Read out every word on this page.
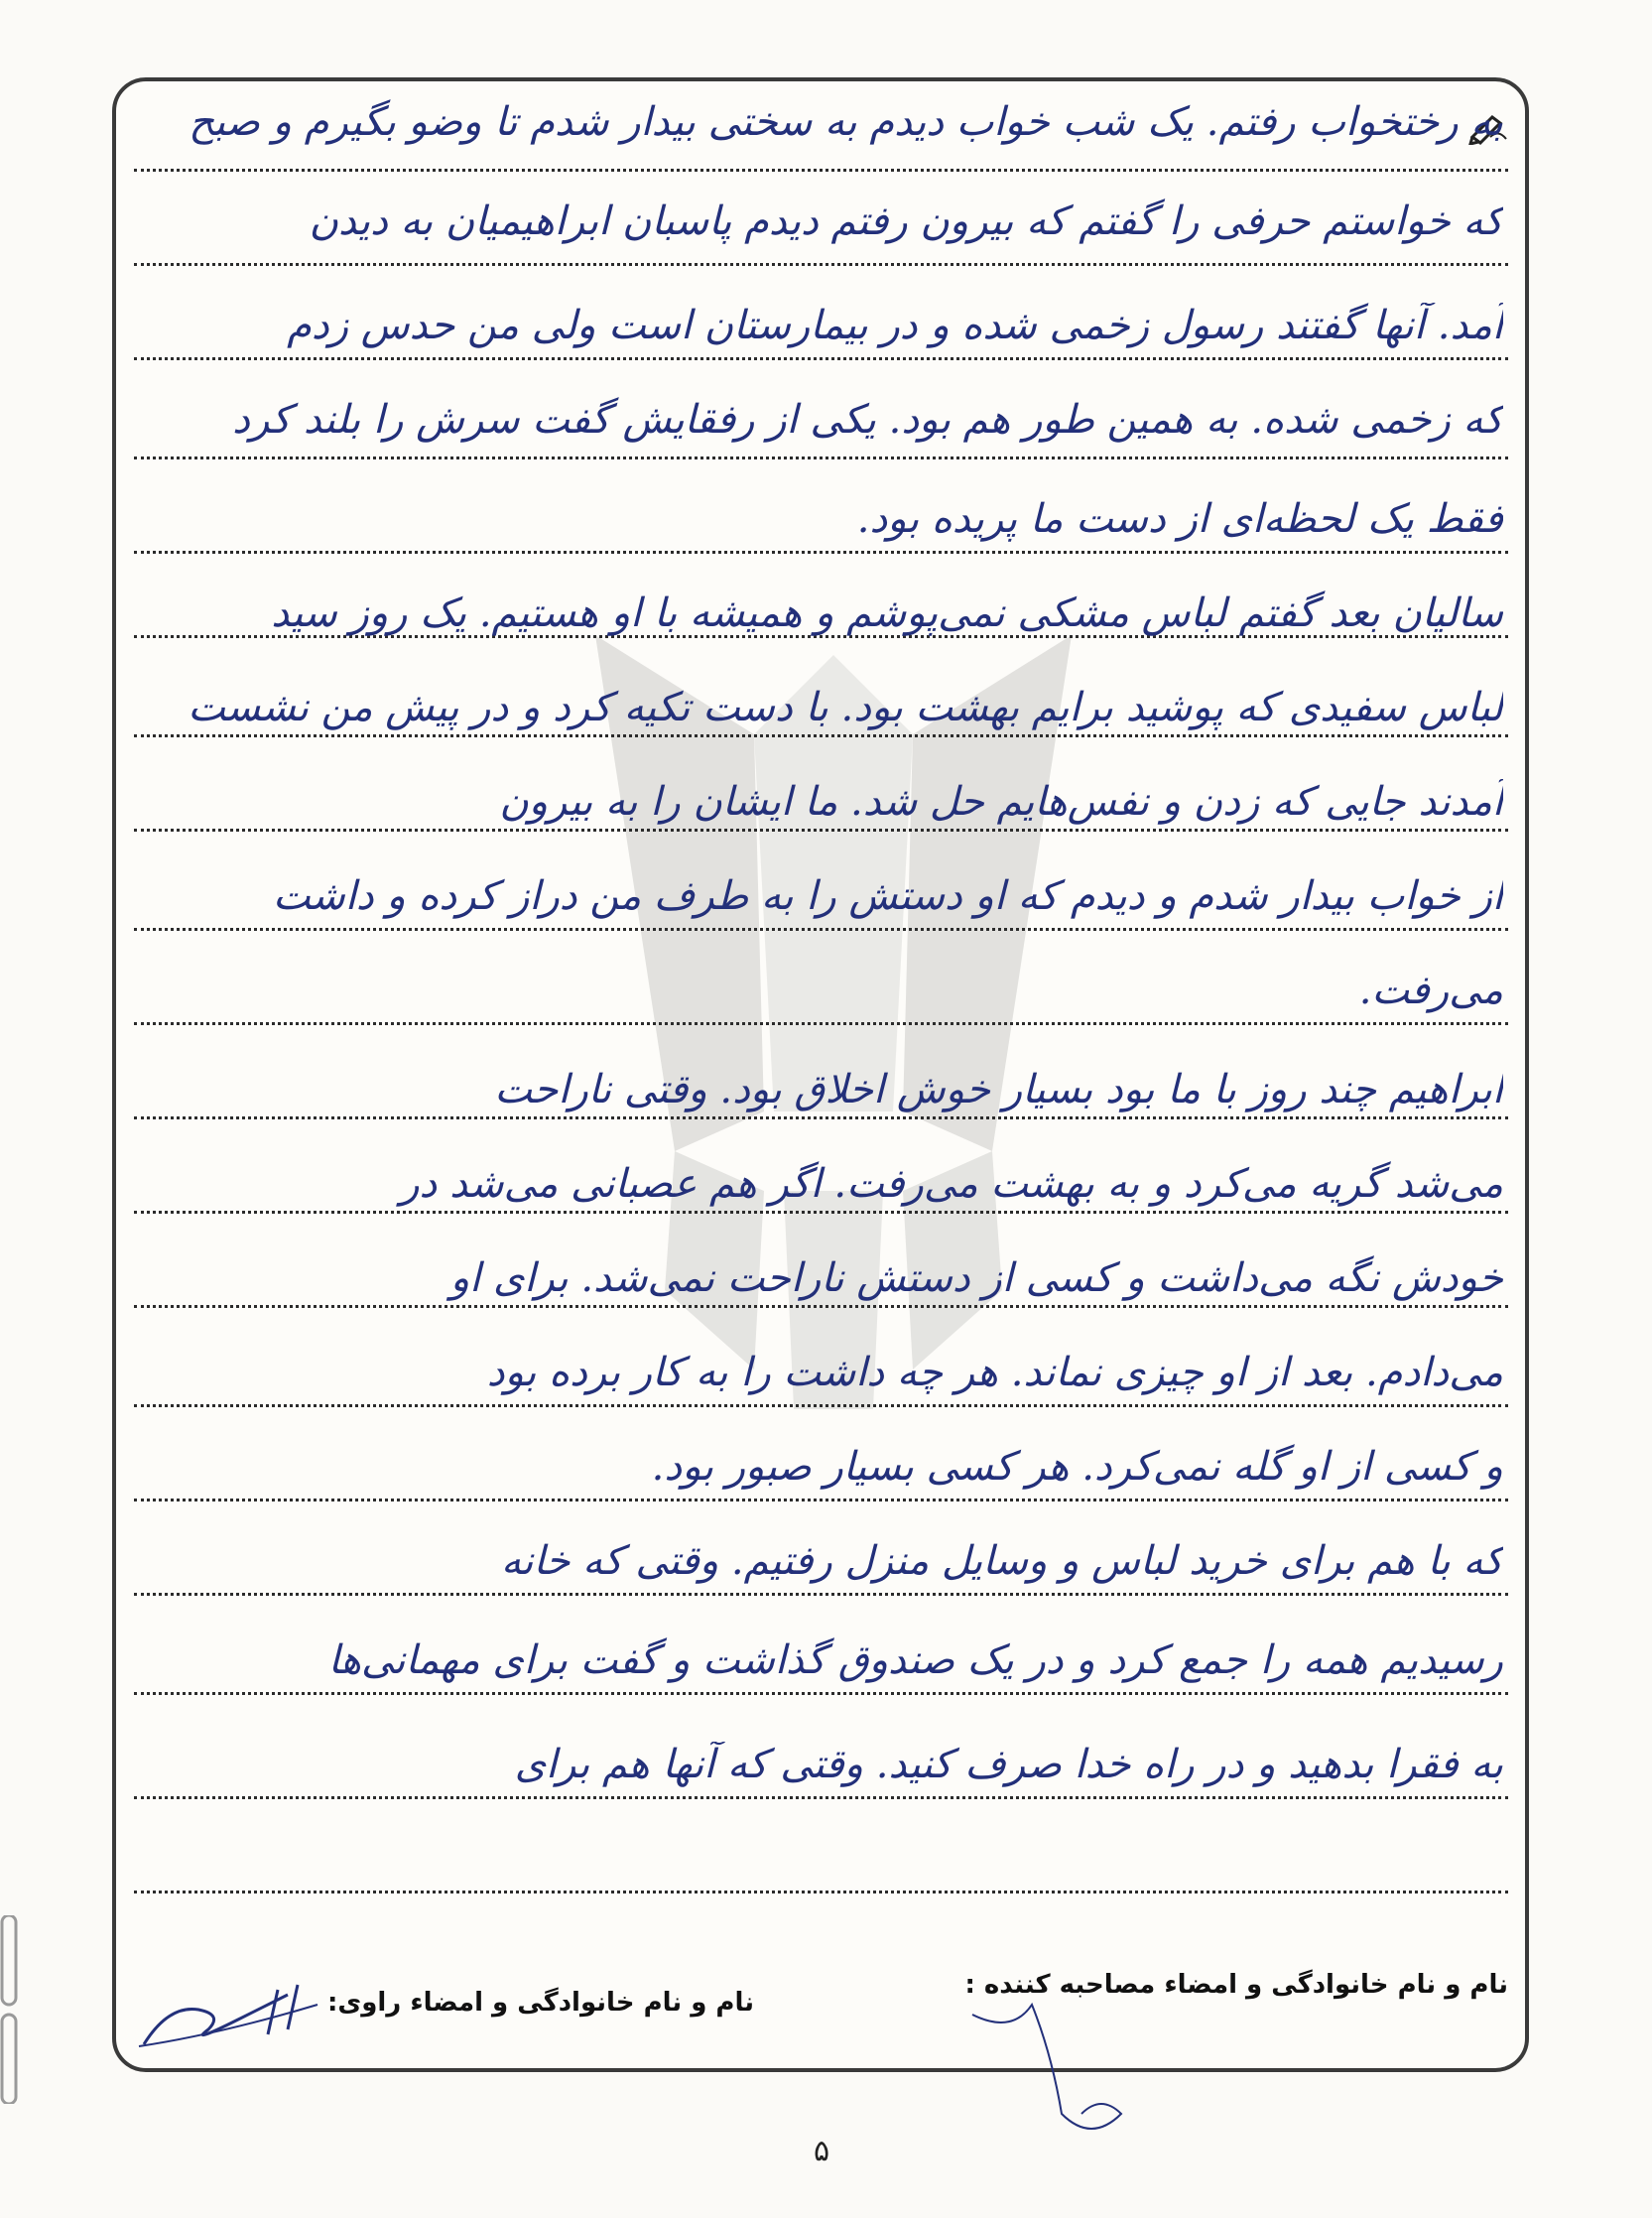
به رختخواب رفتم. یک شب خواب دیدم به سختی بیدار شدم تا وضو بگیرم و صبح
که خواستم حرفی را گفتم که بیرون رفتم دیدم پاسبان ابراهیمیان به دیدن
آمد. آنها گفتند رسول زخمی شده و در بیمارستان است ولی من حدس زدم
که زخمی شده. به همین طور هم بود. یکی از رفقایش گفت سرش را بلند کرد
فقط یک لحظه‌ای از دست ما پریده بود.
سالیان بعد گفتم لباس مشکی نمی‌پوشم و همیشه با او هستیم. یک روز سید
لباس سفیدی که پوشید برایم بهشت بود. با دست تکیه کرد و در پیش من نشست
آمدند جایی که زدن و نفس‌هایم حل شد. ما ایشان را به بیرون
از خواب بیدار شدم و دیدم که او دستش را به طرف من دراز کرده و داشت
می‌رفت.
ابراهیم چند روز با ما بود بسیار خوش اخلاق بود. وقتی ناراحت
می‌شد گریه می‌کرد و به بهشت می‌رفت. اگر هم عصبانی می‌شد در
خودش نگه می‌داشت و کسی از دستش ناراحت نمی‌شد. برای او
می‌دادم. بعد از او چیزی نماند. هر چه داشت را به کار برده بود
و کسی از او گله نمی‌کرد. هر کسی بسیار صبور بود.
که با هم برای خرید لباس و وسایل منزل رفتیم. وقتی که خانه
رسیدیم همه را جمع کرد و در یک صندوق گذاشت و گفت برای مهمانی‌ها
به فقرا بدهید و در راه خدا صرف کنید. وقتی که آنها هم برای
نام و نام خانوادگی و امضاء مصاحبه کننده :
نام و نام خانوادگی و امضاء راوی:
۵
